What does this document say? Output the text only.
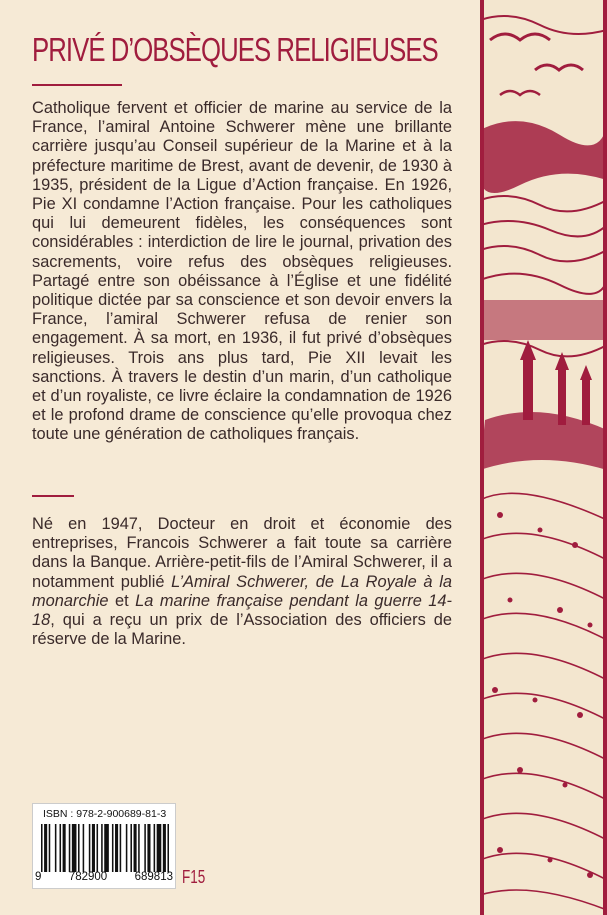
PRIVÉ D’OBSÈQUES RELIGIEUSES

Catholique fervent et officier de marine au service de la France, l’amiral Antoine Schwerer mène une brillante carrière jusqu’au Conseil supérieur de la Marine et à la préfecture maritime de Brest, avant de devenir, de 1930 à 1935, président de la Ligue d’Action française. En 1926, Pie XI condamne l’Action française. Pour les catholiques qui lui demeurent fidèles, les conséquences sont considérables : interdiction de lire le journal, privation des sacrements, voire refus des obsèques religieuses. Partagé entre son obéissance à l’Église et une fidélité politique dictée par sa conscience et son devoir envers la France, l’amiral Schwerer refusa de renier son engagement. À sa mort, en 1936, il fut privé d’obsèques religieuses. Trois ans plus tard, Pie XII levait les sanctions. À travers le destin d’un marin, d’un catholique et d’un royaliste, ce livre éclaire la condamnation de 1926 et le profond drame de conscience qu’elle provoqua chez toute une génération de catholiques français.

Né en 1947, Docteur en droit et économie des entreprises, Francois Schwerer a fait toute sa carrière dans la Banque. Arrière-petit-fils de l’Amiral Schwerer, il a notamment publié L’Amiral Schwerer, de La Royale à la monarchie et La marine française pendant la guerre 14-18, qui a reçu un prix de l’Association des officiers de réserve de la Marine.

ISBN : 978-2-900689-81-3
9 782900 689813 F15
